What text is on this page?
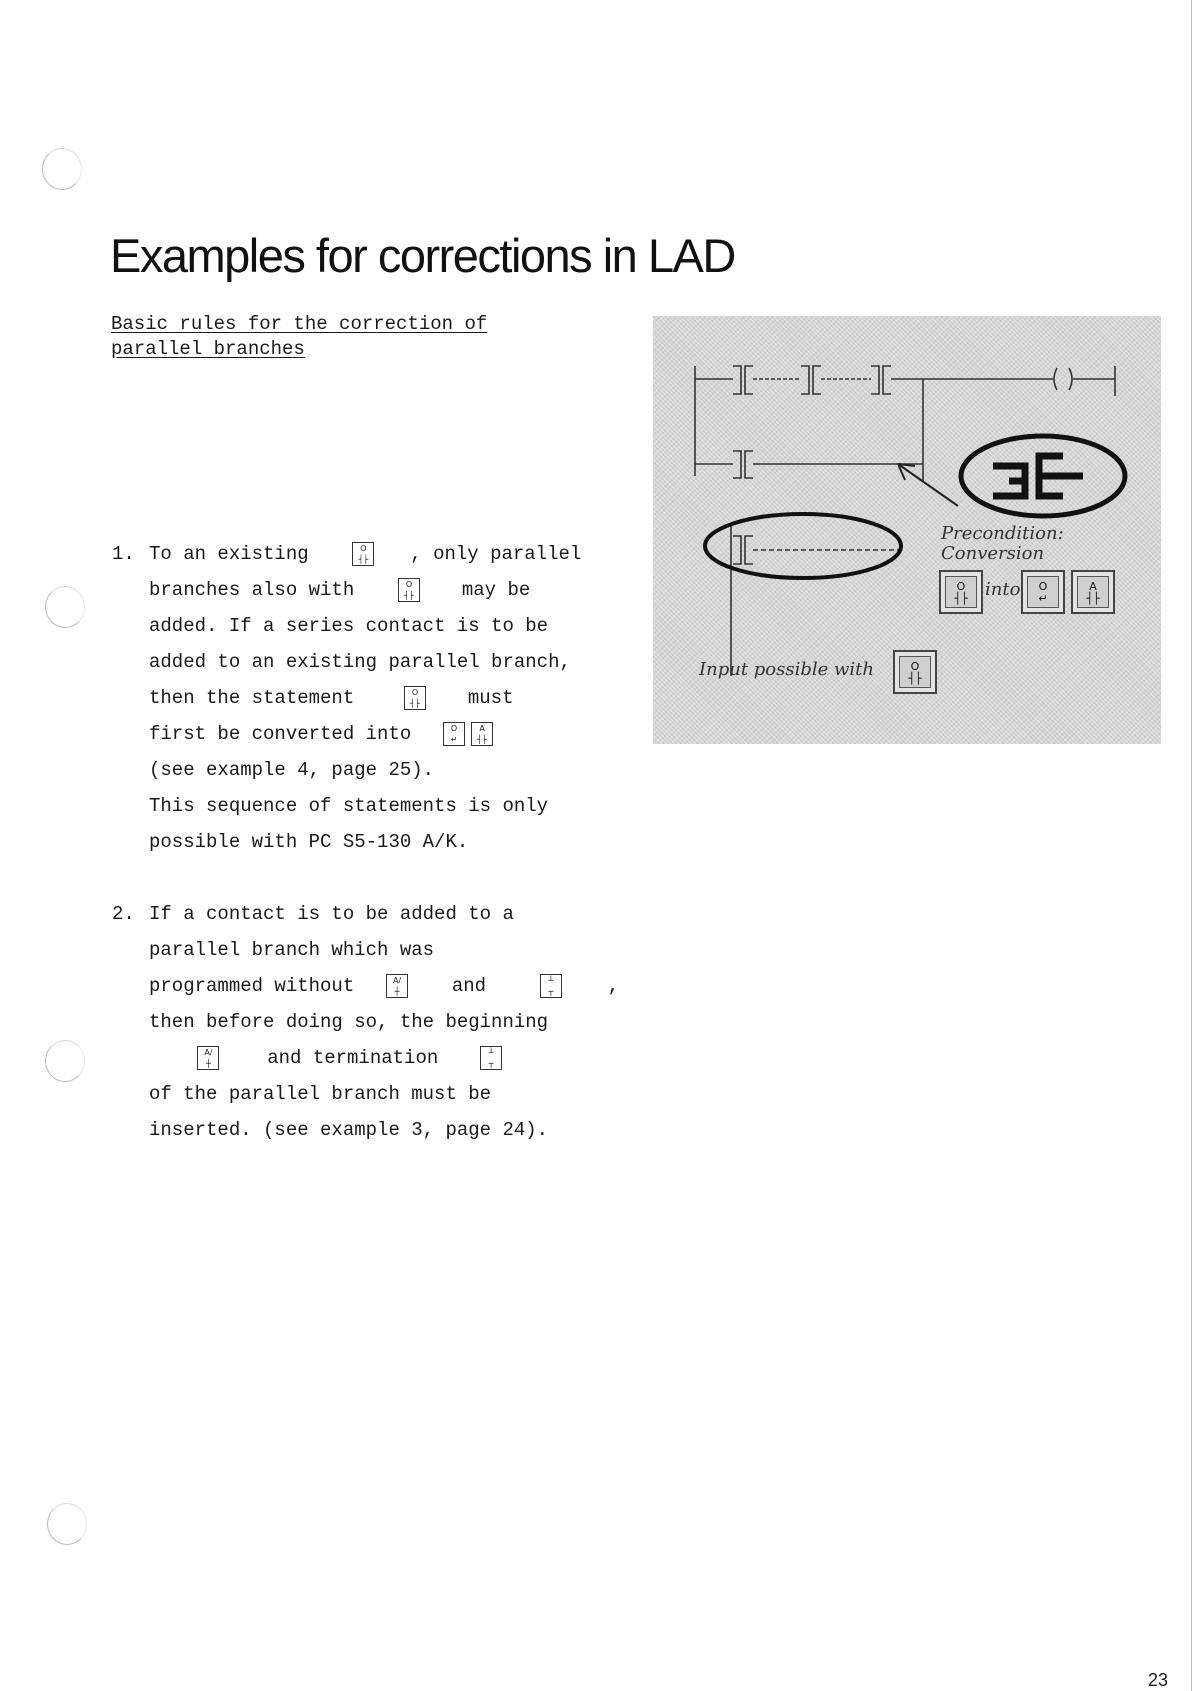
Examples for corrections in LAD
Basic rules for the correction of
parallel branches
1. To an existing	O
┤├ , only parallel
branches also with	O
┤├	may be
added. If a series contact is to be
added to an existing parallel branch,
then the statement	O
┤├	must
first be converted into	O
↵
A
┤├
(see example 4, page 25).
This sequence of statements is only
possible with PC S5-130 A/K.
2. If a contact is to be added to a
parallel branch which was
programmed without	A/
┼	and	┴
┬	,
then before doing so, the beginning

A/
┼	and termination	┴
┬
of the parallel branch must be
inserted. (see example 3, page 24).
Precondition:
Conversion
O
┤├ into	O
↵
A
┤├
Input possible with	O
┤├
23
